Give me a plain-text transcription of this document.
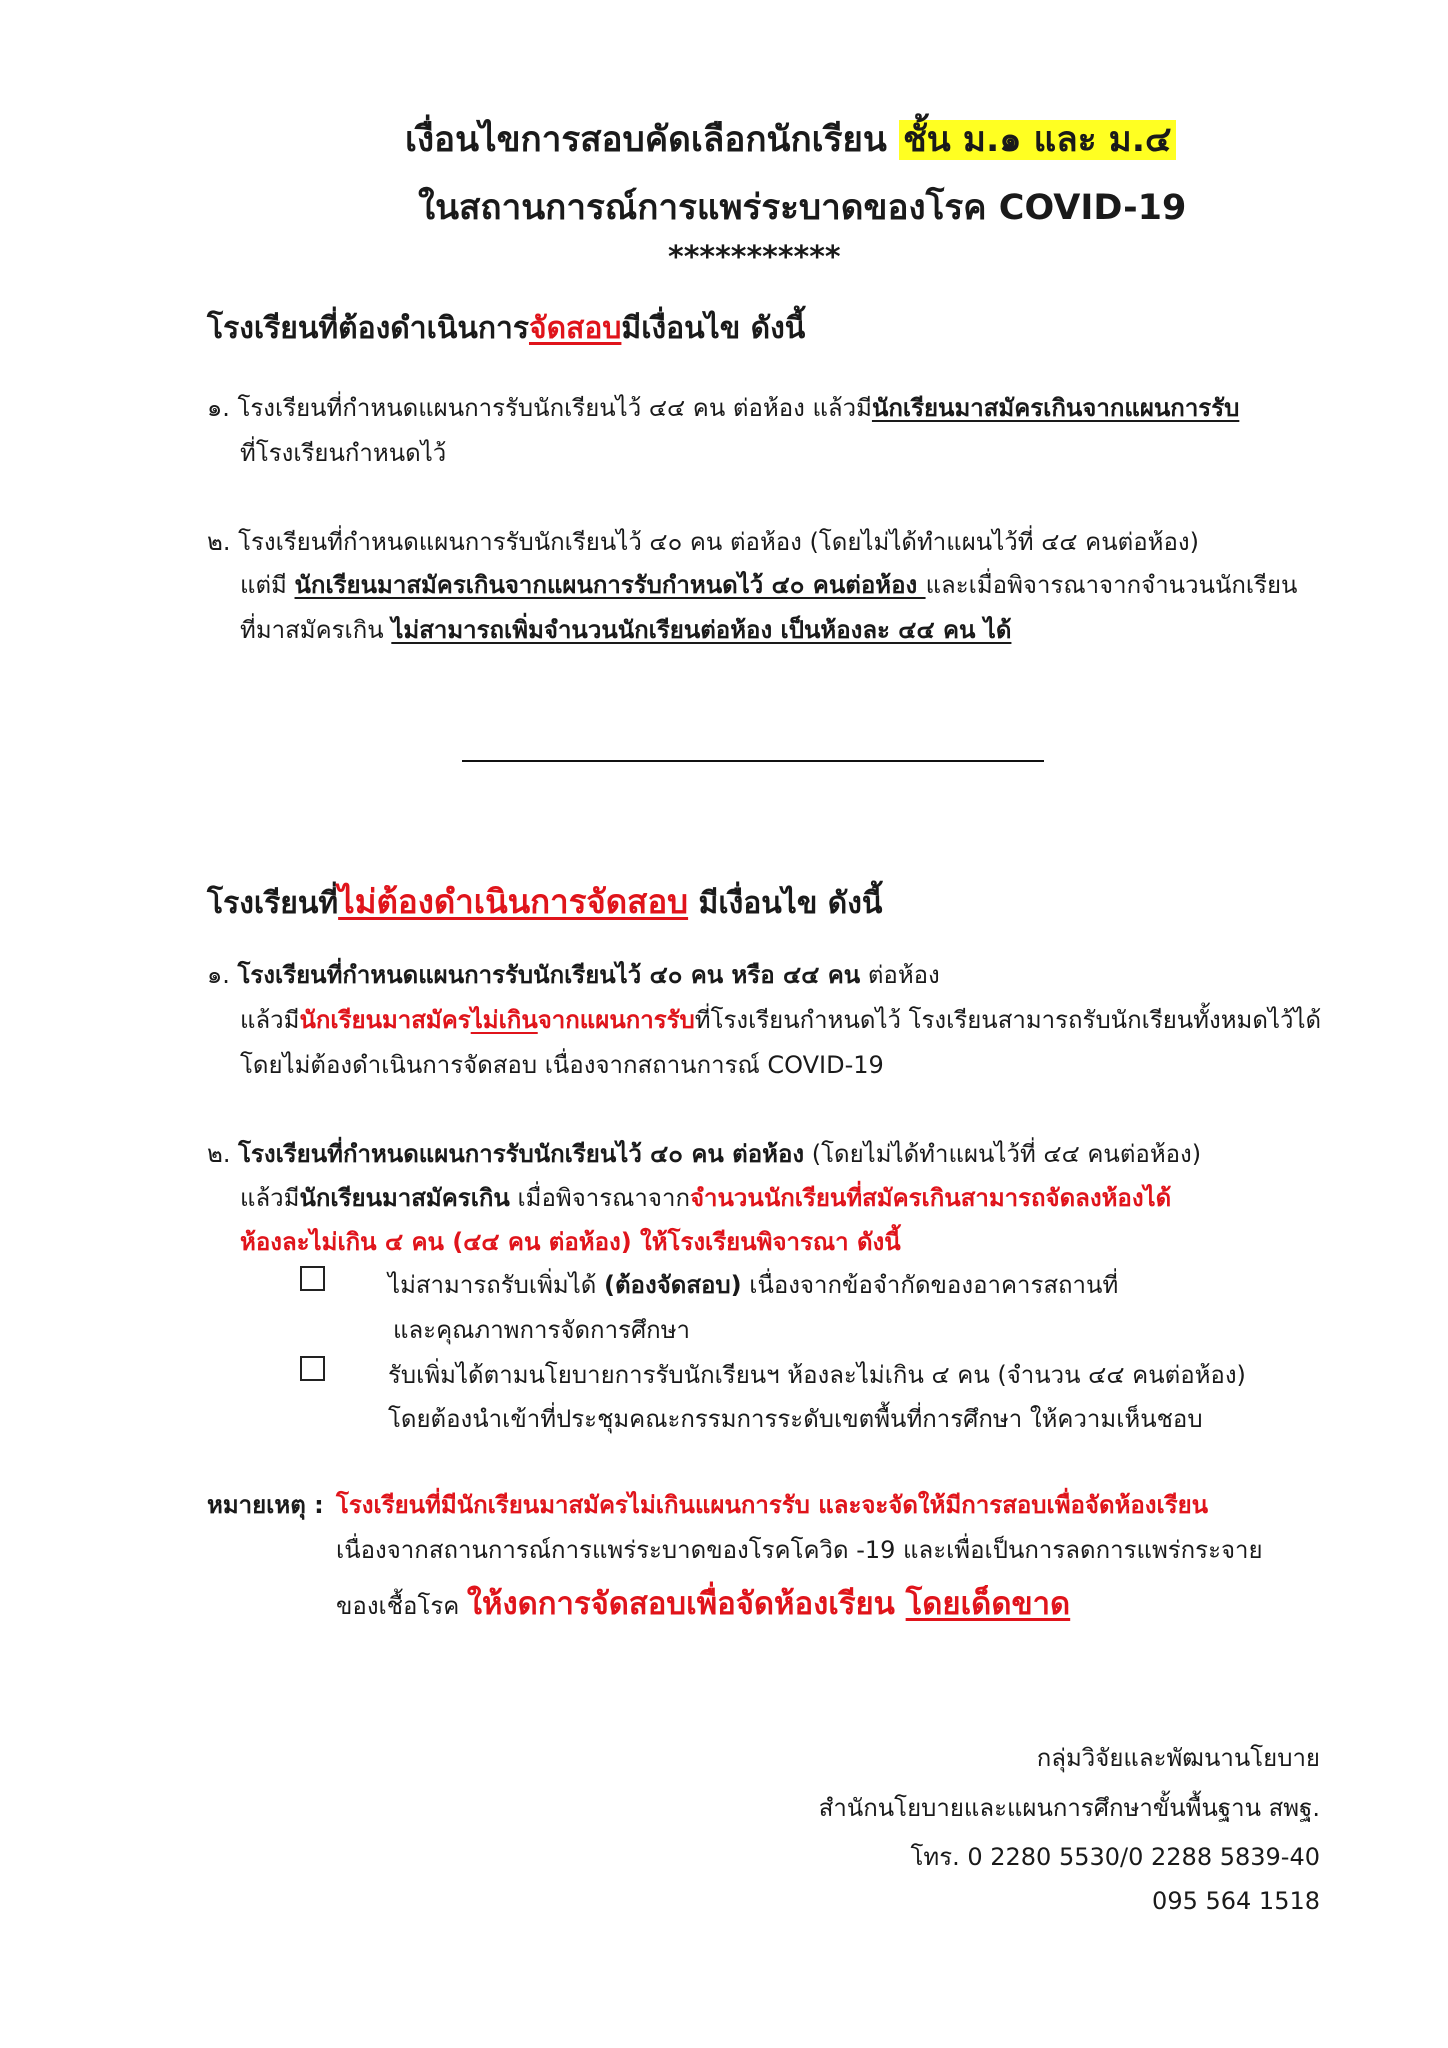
เงื่อนไขการสอบคัดเลือกนักเรียน ชั้น ม.๑ และ ม.๔
ในสถานการณ์การแพร่ระบาดของโรค COVID-19
***********
โรงเรียนที่ต้องดำเนินการจัดสอบมีเงื่อนไข ดังนี้
๑. โรงเรียนที่กำหนดแผนการรับนักเรียนไว้ ๔๔ คน ต่อห้อง แล้วมีนักเรียนมาสมัครเกินจากแผนการรับ
ที่โรงเรียนกำหนดไว้
๒. โรงเรียนที่กำหนดแผนการรับนักเรียนไว้ ๔๐ คน ต่อห้อง (โดยไม่ได้ทำแผนไว้ที่ ๔๔ คนต่อห้อง)
แต่มี นักเรียนมาสมัครเกินจากแผนการรับกำหนดไว้ ๔๐ คนต่อห้อง และเมื่อพิจารณาจากจำนวนนักเรียน
ที่มาสมัครเกิน ไม่สามารถเพิ่มจำนวนนักเรียนต่อห้อง เป็นห้องละ ๔๔ คน ได้
โรงเรียนที่ไม่ต้องดำเนินการจัดสอบ มีเงื่อนไข ดังนี้
๑. โรงเรียนที่กำหนดแผนการรับนักเรียนไว้ ๔๐ คน หรือ ๔๔ คน ต่อห้อง
แล้วมีนักเรียนมาสมัครไม่เกินจากแผนการรับที่โรงเรียนกำหนดไว้ โรงเรียนสามารถรับนักเรียนทั้งหมดไว้ได้
โดยไม่ต้องดำเนินการจัดสอบ เนื่องจากสถานการณ์ COVID-19
๒. โรงเรียนที่กำหนดแผนการรับนักเรียนไว้ ๔๐ คน ต่อห้อง (โดยไม่ได้ทำแผนไว้ที่ ๔๔ คนต่อห้อง)
แล้วมีนักเรียนมาสมัครเกิน เมื่อพิจารณาจากจำนวนนักเรียนที่สมัครเกินสามารถจัดลงห้องได้
ห้องละไม่เกิน ๔ คน (๔๔ คน ต่อห้อง) ให้โรงเรียนพิจารณา ดังนี้
ไม่สามารถรับเพิ่มได้ (ต้องจัดสอบ) เนื่องจากข้อจำกัดของอาคารสถานที่
และคุณภาพการจัดการศึกษา
รับเพิ่มได้ตามนโยบายการรับนักเรียนฯ ห้องละไม่เกิน ๔ คน (จำนวน ๔๔ คนต่อห้อง)
โดยต้องนำเข้าที่ประชุมคณะกรรมการระดับเขตพื้นที่การศึกษา ให้ความเห็นชอบ
หมายเหตุ : โรงเรียนที่มีนักเรียนมาสมัครไม่เกินแผนการรับ และจะจัดให้มีการสอบเพื่อจัดห้องเรียน
เนื่องจากสถานการณ์การแพร่ระบาดของโรคโควิด -19 และเพื่อเป็นการลดการแพร่กระจาย
ของเชื้อโรค ให้งดการจัดสอบเพื่อจัดห้องเรียน โดยเด็ดขาด
กลุ่มวิจัยและพัฒนานโยบาย
สำนักนโยบายและแผนการศึกษาขั้นพื้นฐาน สพฐ.
โทร. 0 2280 5530/0 2288 5839-40
095 564 1518
